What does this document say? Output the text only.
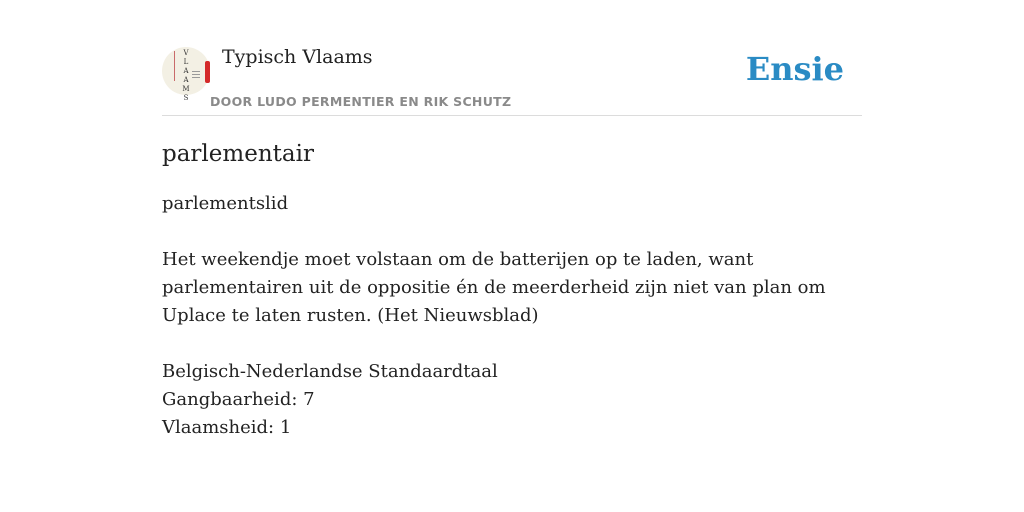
V
L
A
A
M
S
Typisch Vlaams
DOOR LUDO PERMENTIER EN RIK SCHUTZ
Ensie
parlementair

parlementslid

Het weekendje moet volstaan om de batterijen op te laden, want parlementairen uit de oppositie én de meerderheid zijn niet van plan om Uplace te laten rusten. (Het Nieuwsblad)

Belgisch-Nederlandse Standaardtaal
Gangbaarheid: 7
Vlaamsheid: 1
